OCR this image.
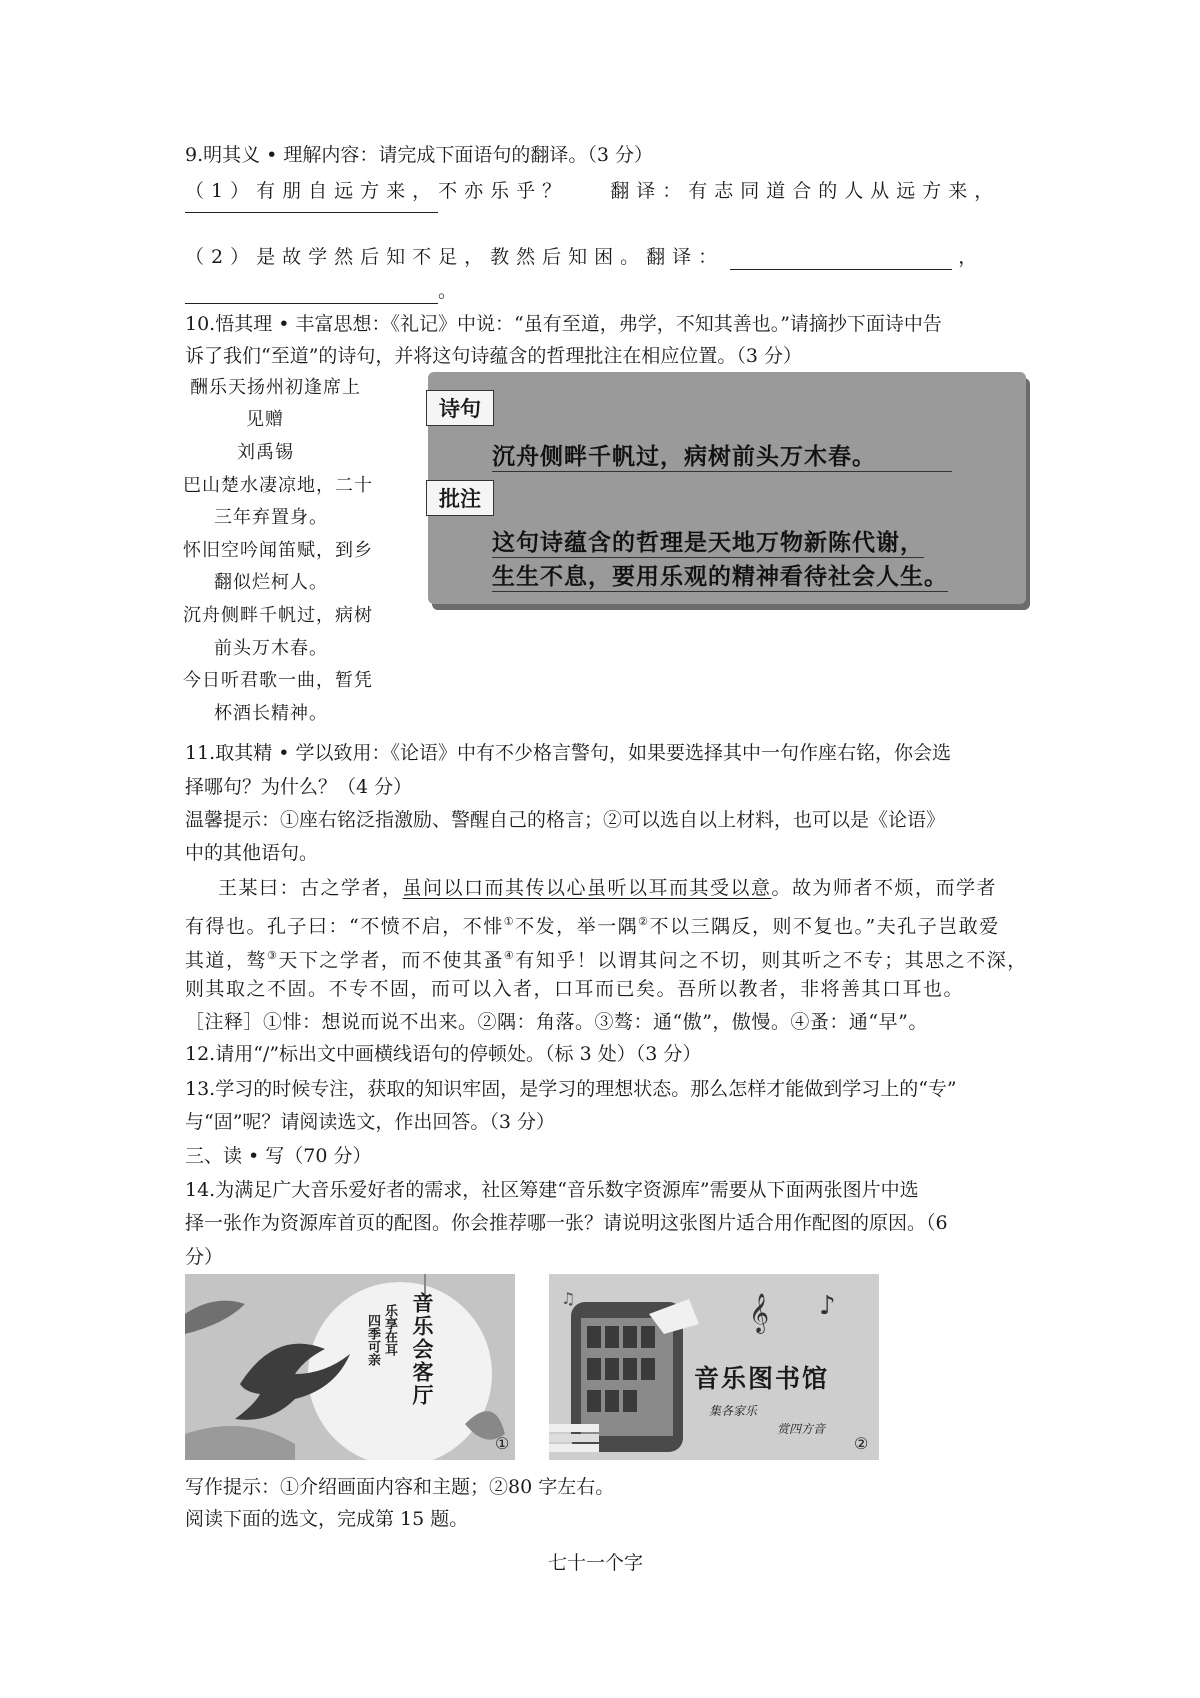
9.明其义 • 理解内容：请完成下面语句的翻译。（3 分）
（1）有朋自远方来，不亦乐乎？ 翻译：有志同道合的人从远方来，
（2）是故学然后知不足，教然后知困。翻译：	，
。
10.悟其理 • 丰富思想：《礼记》中说：“虽有至道，弗学，不知其善也。”请摘抄下面诗中告
诉了我们“至道”的诗句，并将这句诗蕴含的哲理批注在相应位置。（3 分）
酬乐天扬州初逢席上
见赠
刘禹锡
巴山楚水凄凉地，二十
三年弃置身。
怀旧空吟闻笛赋，到乡
翻似烂柯人。
沉舟侧畔千帆过，病树
前头万木春。
今日听君歌一曲，暂凭
杯酒长精神。
诗句
沉舟侧畔千帆过，病树前头万木春。
批注
这句诗蕴含的哲理是天地万物新陈代谢，
生生不息，要用乐观的精神看待社会人生。
11.取其精 • 学以致用：《论语》中有不少格言警句，如果要选择其中一句作座右铭，你会选
择哪句？为什么？（4 分）
温馨提示：①座右铭泛指激励、警醒自己的格言；②可以选自以上材料，也可以是《论语》
中的其他语句。
王某曰：古之学者，虽问以口而其传以心虽听以耳而其受以意。故为师者不烦，而学者
有得也。孔子曰：“不愤不启，不悱①不发，举一隅②不以三隅反，则不复也。”夫孔子岂敢爱
其道，骜③天下之学者，而不使其蚤④有知乎！以谓其问之不切，则其听之不专；其思之不深，
则其取之不固。不专不固，而可以入者，口耳而已矣。吾所以教者，非将善其口耳也。
［注释］①悱：想说而说不出来。②隅：角落。③骜：通“傲”，傲慢。④蚤：通“早”。
12.请用“/”标出文中画横线语句的停顿处。（标 3 处）（3 分）
13.学习的时候专注，获取的知识牢固，是学习的理想状态。那么怎样才能做到学习上的“专”
与“固”呢？请阅读选文，作出回答。（3 分）
三、读 • 写（70 分）
14.为满足广大音乐爱好者的需求，社区筹建“音乐数字资源库”需要从下面两张图片中选
择一张作为资源库首页的配图。你会推荐哪一张？请说明这张图片适合用作配图的原因。（6
分）
音乐会客厅
乐享在耳
四季可亲
①
𝄞 ♪
♫
音乐图书馆
集各家乐
赏四方音
②
写作提示：①介绍画面内容和主题；②80 字左右。
阅读下面的选文，完成第 15 题。
七十一个字
